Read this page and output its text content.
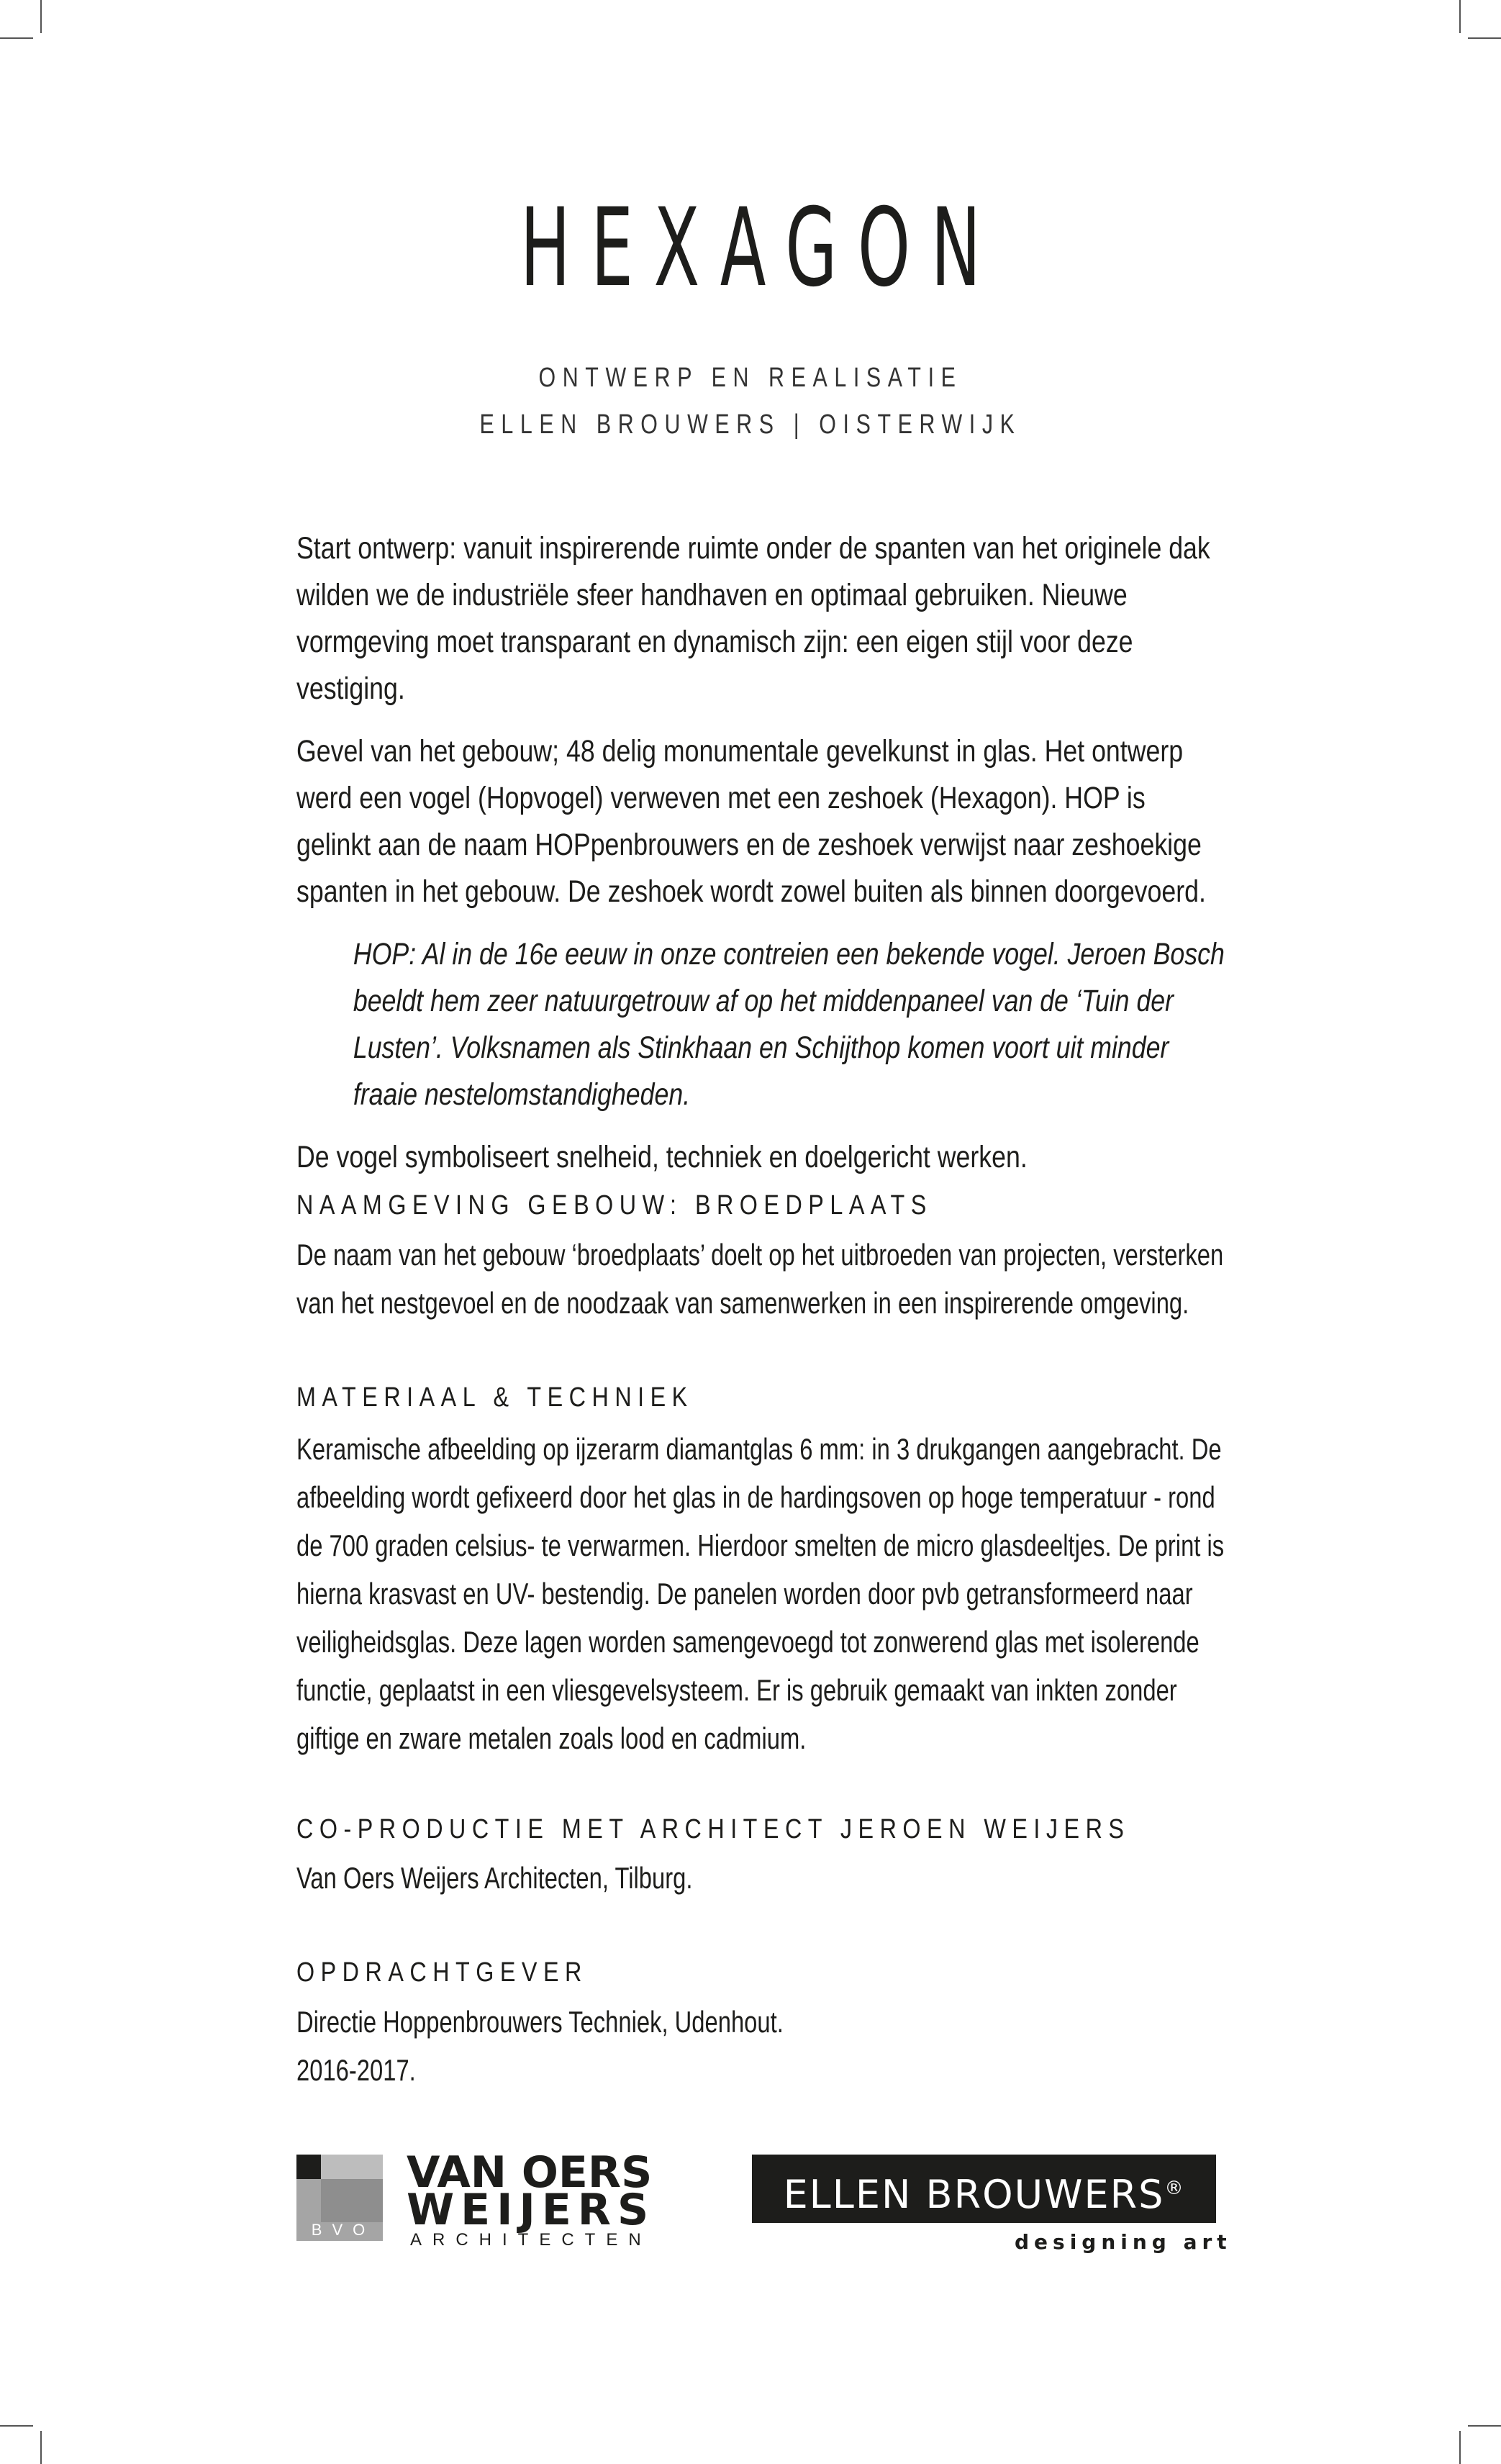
HEXAGON
ONTWERP EN REALISATIE
ELLEN BROUWERS | OISTERWIJK

Start ontwerp: vanuit inspirerende ruimte onder de spanten van het originele dak wilden we de industriële sfeer handhaven en optimaal gebruiken. Nieuwe vormgeving moet transparant en dynamisch zijn: een eigen stijl voor deze vestiging.

Gevel van het gebouw; 48 delig monumentale gevelkunst in glas. Het ontwerp werd een vogel (Hopvogel) verweven met een zeshoek (Hexagon). HOP is gelinkt aan de naam HOPpenbrouwers en de zeshoek verwijst naar zeshoekige spanten in het gebouw. De zeshoek wordt zowel buiten als binnen doorgevoerd.

HOP: Al in de 16e eeuw in onze contreien een bekende vogel. Jeroen Bosch beeldt hem zeer natuurgetrouw af op het middenpaneel van de ‘Tuin der Lusten’. Volksnamen als Stinkhaan en Schijthop komen voort uit minder fraaie nestelomstandigheden.

De vogel symboliseert snelheid, techniek en doelgericht werken.

NAAMGEVING GEBOUW: BROEDPLAATS

De naam van het gebouw ‘broedplaats’ doelt op het uitbroeden van projecten, versterken van het nestgevoel en de noodzaak van samenwerken in een inspirerende omgeving.

MATERIAAL & TECHNIEK

Keramische afbeelding op ijzerarm diamantglas 6 mm: in 3 drukgangen aangebracht. De afbeelding wordt gefixeerd door het glas in de hardingsoven op hoge temperatuur - rond de 700 graden celsius- te verwarmen. Hierdoor smelten de micro glasdeeltjes. De print is hierna krasvast en UV- bestendig. De panelen worden door pvb getransformeerd naar veiligheidsglas. Deze lagen worden samengevoegd tot zonwerend glas met isolerende functie, geplaatst in een vliesgevelsysteem. Er is gebruik gemaakt van inkten zonder giftige en zware metalen zoals lood en cadmium.

CO-PRODUCTIE MET ARCHITECT JEROEN WEIJERS

Van Oers Weijers Architecten, Tilburg.

OPDRACHTGEVER

Directie Hoppenbrouwers Techniek, Udenhout.

2016-2017.

BVO
VAN OERS
WEIJERS
ARCHITECTEN
ELLEN BROUWERS®
designing art
